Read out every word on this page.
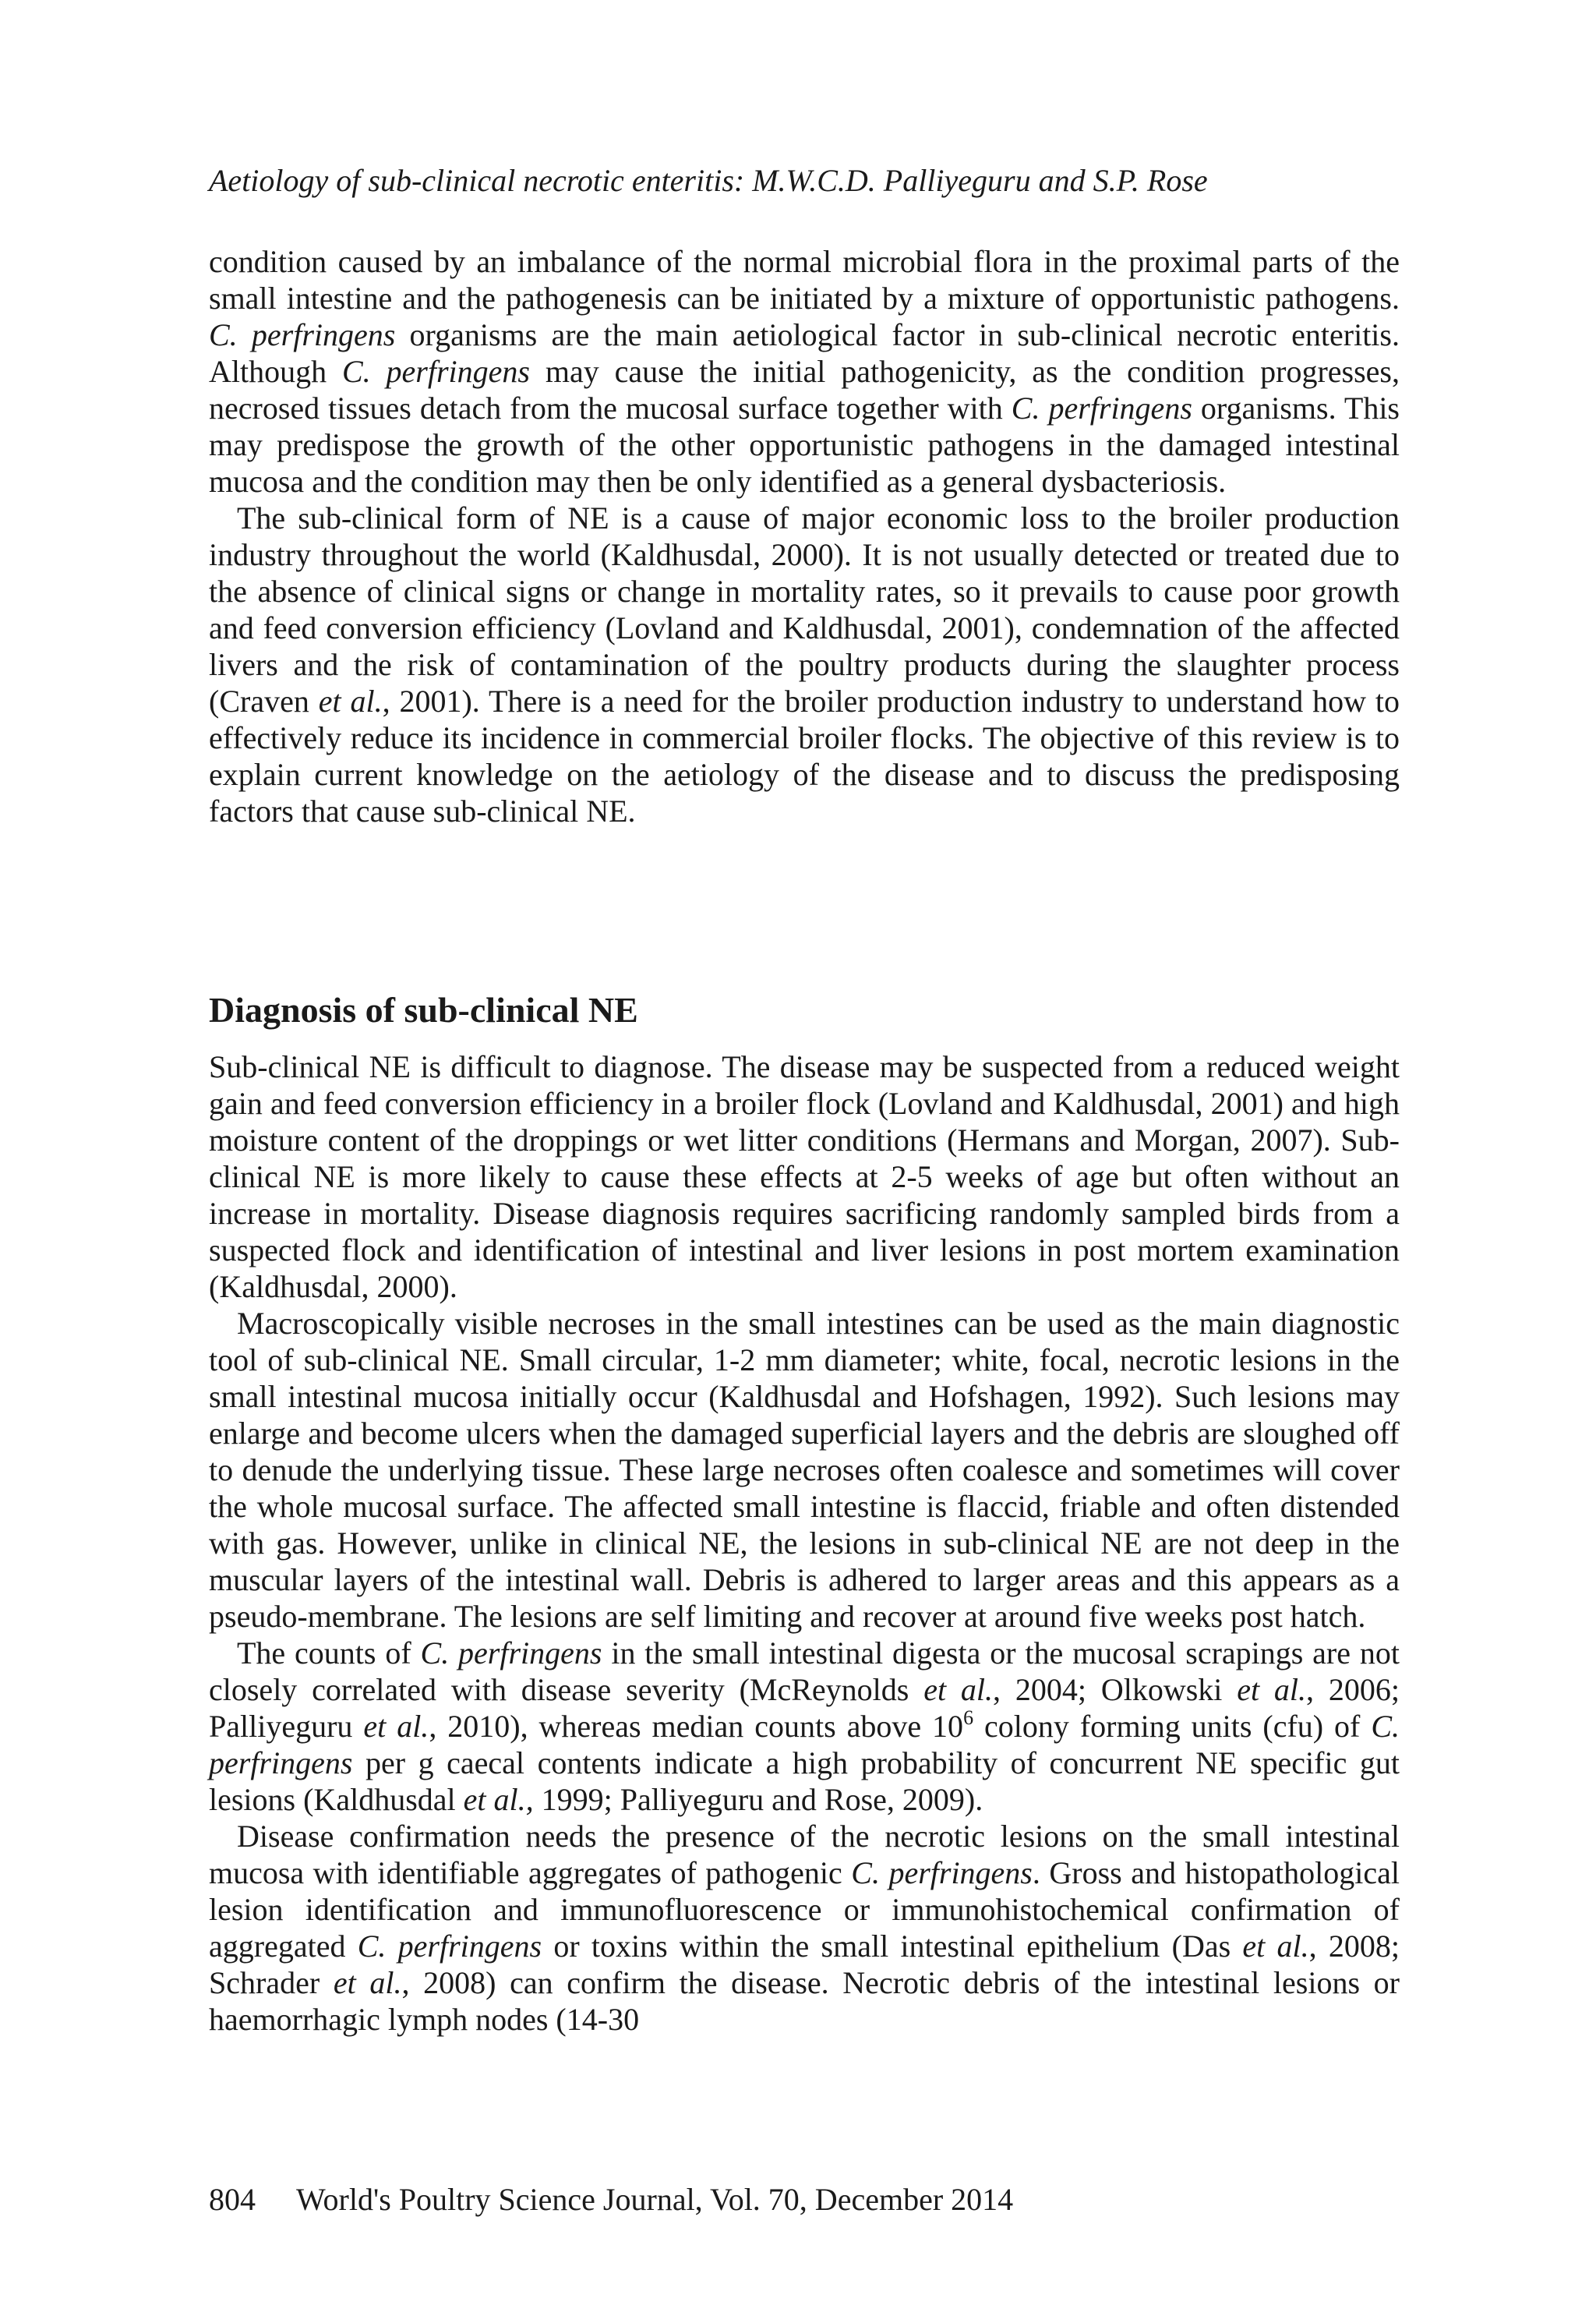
Aetiology of sub-clinical necrotic enteritis: M.W.C.D. Palliyeguru and S.P. Rose

condition caused by an imbalance of the normal microbial flora in the proximal parts of the small intestine and the pathogenesis can be initiated by a mixture of opportunistic pathogens. C. perfringens organisms are the main aetiological factor in sub-clinical necrotic enteritis. Although C. perfringens may cause the initial pathogenicity, as the condition progresses, necrosed tissues detach from the mucosal surface together with C. perfringens organisms. This may predispose the growth of the other opportunistic pathogens in the damaged intestinal mucosa and the condition may then be only identified as a general dysbacteriosis.

The sub-clinical form of NE is a cause of major economic loss to the broiler production industry throughout the world (Kaldhusdal, 2000). It is not usually detected or treated due to the absence of clinical signs or change in mortality rates, so it prevails to cause poor growth and feed conversion efficiency (Lovland and Kaldhusdal, 2001), condemnation of the affected livers and the risk of contamination of the poultry products during the slaughter process (Craven et al., 2001). There is a need for the broiler production industry to understand how to effectively reduce its incidence in commercial broiler flocks. The objective of this review is to explain current knowledge on the aetiology of the disease and to discuss the predisposing factors that cause sub-clinical NE.

Diagnosis of sub-clinical NE

Sub-clinical NE is difficult to diagnose. The disease may be suspected from a reduced weight gain and feed conversion efficiency in a broiler flock (Lovland and Kaldhusdal, 2001) and high moisture content of the droppings or wet litter conditions (Hermans and Morgan, 2007). Sub-clinical NE is more likely to cause these effects at 2-5 weeks of age but often without an increase in mortality. Disease diagnosis requires sacrificing randomly sampled birds from a suspected flock and identification of intestinal and liver lesions in post mortem examination (Kaldhusdal, 2000).

Macroscopically visible necroses in the small intestines can be used as the main diagnostic tool of sub-clinical NE. Small circular, 1-2 mm diameter; white, focal, necrotic lesions in the small intestinal mucosa initially occur (Kaldhusdal and Hofshagen, 1992). Such lesions may enlarge and become ulcers when the damaged superficial layers and the debris are sloughed off to denude the underlying tissue. These large necroses often coalesce and sometimes will cover the whole mucosal surface. The affected small intestine is flaccid, friable and often distended with gas. However, unlike in clinical NE, the lesions in sub-clinical NE are not deep in the muscular layers of the intestinal wall. Debris is adhered to larger areas and this appears as a pseudo-membrane. The lesions are self limiting and recover at around five weeks post hatch.

The counts of C. perfringens in the small intestinal digesta or the mucosal scrapings are not closely correlated with disease severity (McReynolds et al., 2004; Olkowski et al., 2006; Palliyeguru et al., 2010), whereas median counts above $10^6$ colony forming units (cfu) of C. perfringens per g caecal contents indicate a high probability of concurrent NE specific gut lesions (Kaldhusdal et al., 1999; Palliyeguru and Rose, 2009).

Disease confirmation needs the presence of the necrotic lesions on the small intestinal mucosa with identifiable aggregates of pathogenic C. perfringens. Gross and histopathological lesion identification and immunofluorescence or immunohistochemical confirmation of aggregated C. perfringens or toxins within the small intestinal epithelium (Das et al., 2008; Schrader et al., 2008) can confirm the disease. Necrotic debris of the intestinal lesions or haemorrhagic lymph nodes (14-30

804 World's Poultry Science Journal, Vol. 70, December 2014
